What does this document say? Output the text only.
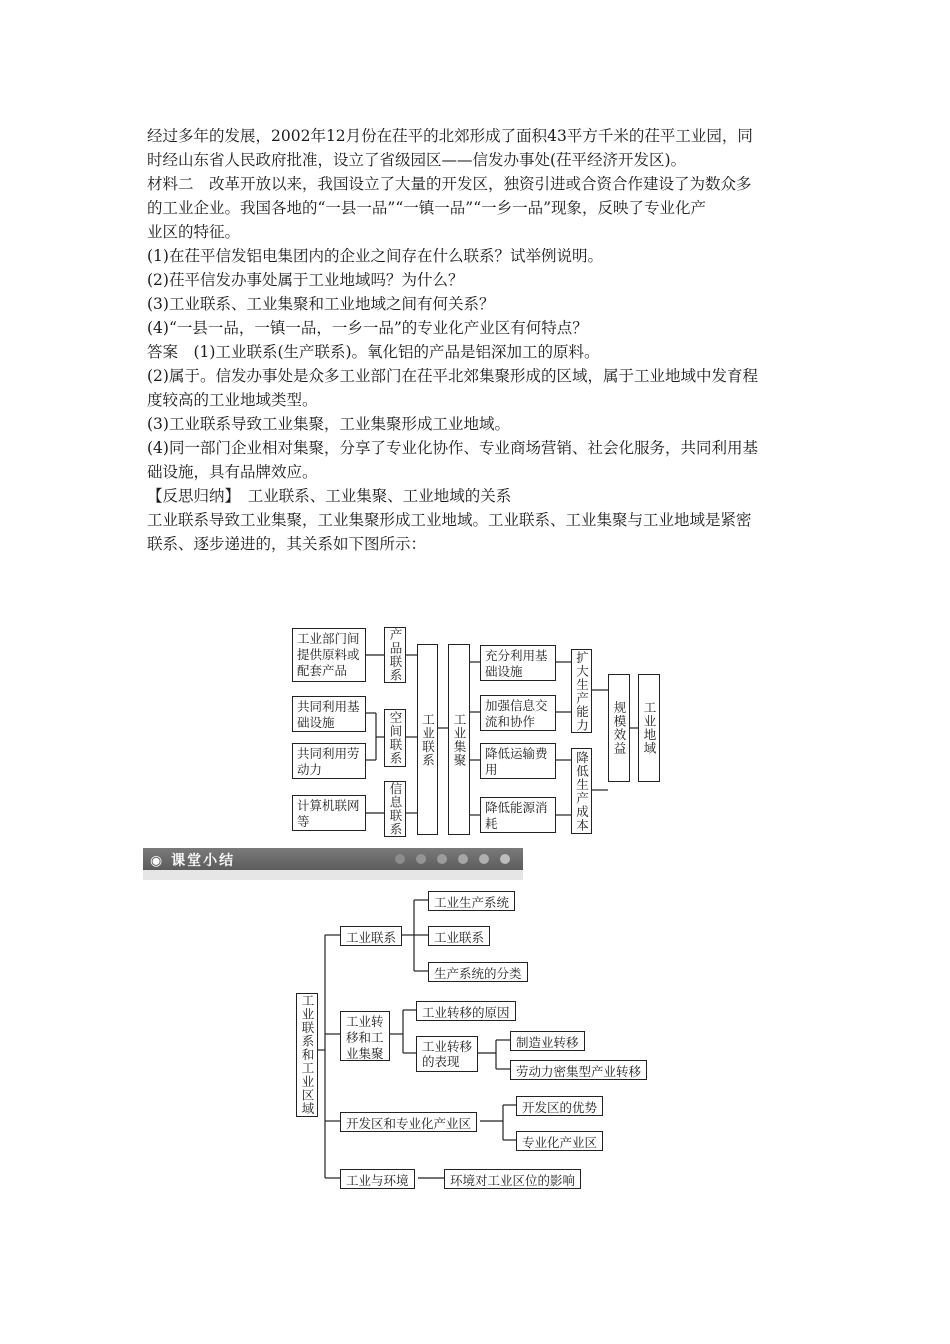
经过多年的发展，2002年12月份在茌平的北郊形成了面积43平方千米的茌平工业园，同
时经山东省人民政府批准，设立了省级园区——信发办事处(茌平经济开发区)。
材料二　改革开放以来，我国设立了大量的开发区，独资引进或合资合作建设了为数众多
的工业企业。我国各地的“一县一品”“一镇一品”“一乡一品”现象，反映了专业化产
业区的特征。
(1)在茌平信发铝电集团内的企业之间存在什么联系？试举例说明。
(2)茌平信发办事处属于工业地域吗？为什么？
(3)工业联系、工业集聚和工业地域之间有何关系？
(4)“一县一品，一镇一品，一乡一品”的专业化产业区有何特点？
答案　(1)工业联系(生产联系)。氧化铝的产品是铝深加工的原料。
(2)属于。信发办事处是众多工业部门在茌平北郊集聚形成的区域，属于工业地域中发育程
度较高的工业地域类型。
(3)工业联系导致工业集聚，工业集聚形成工业地域。
(4)同一部门企业相对集聚，分享了专业化协作、专业商场营销、社会化服务，共同利用基
础设施，具有品牌效应。
【反思归纳】　工业联系、工业集聚、工业地域的关系
工业联系导致工业集聚，工业集聚形成工业地域。工业联系、工业集聚与工业地域是紧密
联系、逐步递进的，其关系如下图所示：
工业部门间提供原料或配套产品
共同利用基础设施
共同利用劳动力
计算机联网等
产品联系
空间联系
信息联系
工业联系 工业集聚
充分利用基础设施
加强信息交流和协作
降低运输费用
降低能源消耗
扩大生产能力
降低生产成本
规模效益 工业地域
◉ 课堂小结
工业联系和工业区域
工业联系
工业生产系统
工业联系
生产系统的分类
工业转移和工业集聚
工业转移的原因
工业转移的表现
制造业转移
劳动力密集型产业转移
开发区和专业化产业区
开发区的优势
专业化产业区
工业与环境	环境对工业区位的影响
